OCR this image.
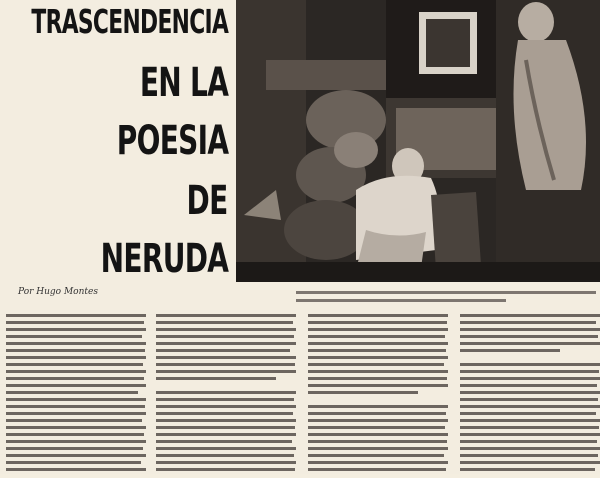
TRASCENDENCIA
EN LA
POESIA
DE
NERUDA
Por Hugo Montes
